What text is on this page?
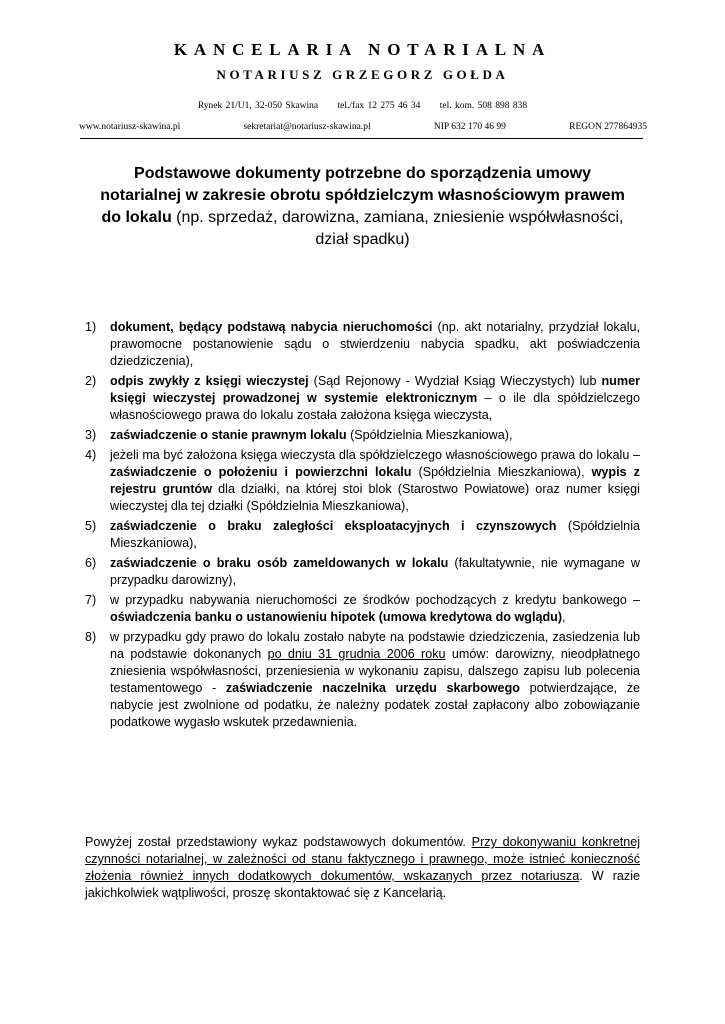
KANCELARIA NOTARIALNA
NOTARIUSZ GRZEGORZ GOŁDA
Rynek 21/U1, 32-050 Skawina tel./fax 12 275 46 34 tel. kom. 508 898 838
www.notariusz-skawina.pl	sekretariat@notariusz-skawina.pl	NIP 632 170 46 99	REGON 277864935
Podstawowe dokumenty potrzebne do sporządzenia umowy notarialnej w zakresie obrotu spółdzielczym własnościowym prawem do lokalu (np. sprzedaż, darowizna, zamiana, zniesienie współwłasności, dział spadku)
1) dokument, będący podstawą nabycia nieruchomości (np. akt notarialny, przydział lokalu, prawomocne postanowienie sądu o stwierdzeniu nabycia spadku, akt poświadczenia dziedziczenia),
2) odpis zwykły z księgi wieczystej (Sąd Rejonowy - Wydział Ksiąg Wieczystych) lub numer księgi wieczystej prowadzonej w systemie elektronicznym – o ile dla spółdzielczego własnościowego prawa do lokalu została założona księga wieczysta,
3) zaświadczenie o stanie prawnym lokalu (Spółdzielnia Mieszkaniowa),
4) jeżeli ma być założona księga wieczysta dla spółdzielczego własnościowego prawa do lokalu – zaświadczenie o położeniu i powierzchni lokalu (Spółdzielnia Mieszkaniowa), wypis z rejestru gruntów dla działki, na której stoi blok (Starostwo Powiatowe) oraz numer księgi wieczystej dla tej działki (Spółdzielnia Mieszkaniowa),
5) zaświadczenie o braku zaległości eksploatacyjnych i czynszowych (Spółdzielnia Mieszkaniowa),
6) zaświadczenie o braku osób zameldowanych w lokalu (fakultatywnie, nie wymagane w przypadku darowizny),
7) w przypadku nabywania nieruchomości ze środków pochodzących z kredytu bankowego – oświadczenia banku o ustanowieniu hipotek (umowa kredytowa do wglądu),
8) w przypadku gdy prawo do lokalu zostało nabyte na podstawie dziedziczenia, zasiedzenia lub na podstawie dokonanych po dniu 31 grudnia 2006 roku umów: darowizny, nieodpłatnego zniesienia współwłasności, przeniesienia w wykonaniu zapisu, dalszego zapisu lub polecenia testamentowego - zaświadczenie naczelnika urzędu skarbowego potwierdzające, że nabycie jest zwolnione od podatku, że należny podatek został zapłacony albo zobowiązanie podatkowe wygasło wskutek przedawnienia.
Powyżej został przedstawiony wykaz podstawowych dokumentów. Przy dokonywaniu konkretnej czynności notarialnej, w zależności od stanu faktycznego i prawnego, może istnieć konieczność złożenia również innych dodatkowych dokumentów, wskazanych przez notariusza. W razie jakichkolwiek wątpliwości, proszę skontaktować się z Kancelarią.
